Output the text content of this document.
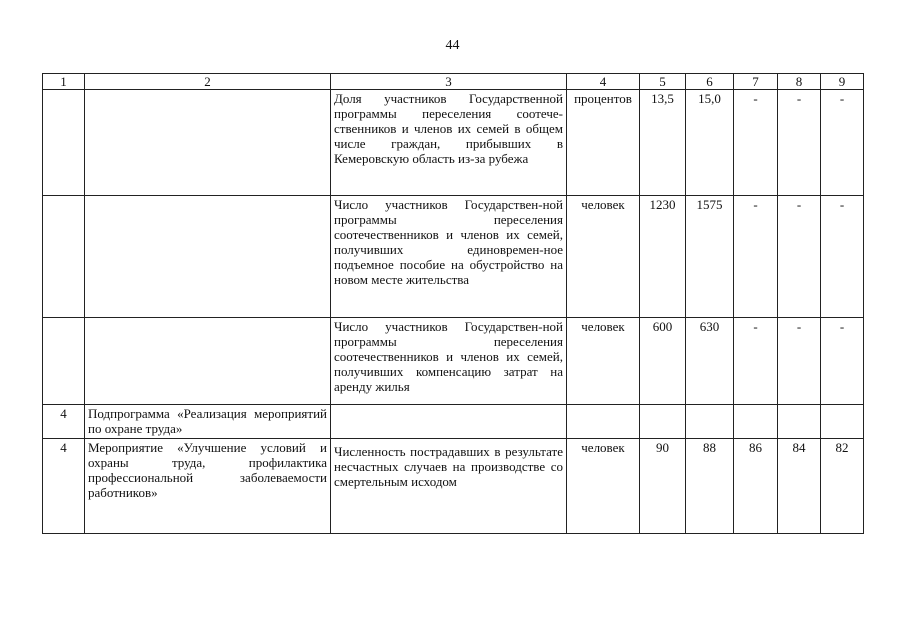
44
1	2	3	4	5	6	7	8	9
		Доля участников Государственной программы переселения соотече-ственников и членов их семей в общем числе граждан, прибывших в Кемеровскую область из-за рубежа	процентов	13,5	15,0	-	-	-
		Число участников Государствен-ной программы переселения соотечественников и членов их семей, получивших единовремен-ное подъемное пособие на обустройство на новом месте жительства	человек	1230	1575	-	-	-
		Число участников Государствен-ной программы переселения соотечественников и членов их семей, получивших компенсацию затрат на аренду жилья	человек	600	630	-	-	-
4	Подпрограмма «Реализация мероприятий по охране труда»							
4	Мероприятие «Улучшение условий и охраны труда, профилактика профессиональной заболеваемости работников»	Численность пострадавших в результате несчастных случаев на производстве со смертельным исходом	человек	90	88	86	84	82
